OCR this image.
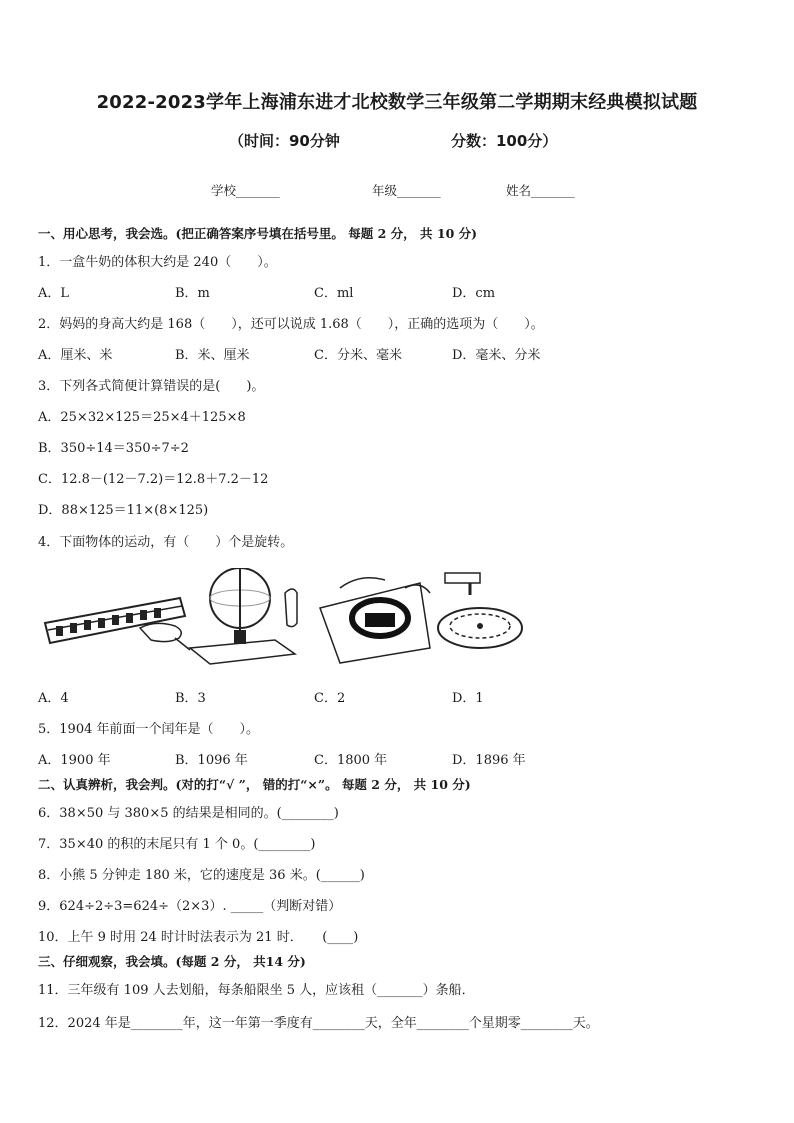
2022-2023学年上海浦东进才北校数学三年级第二学期期末经典模拟试题
（时间：90分钟	分数：100分）
学校_______	年级_______	姓名_______
一、用心思考，我会选。(把正确答案序号填在括号里。 每题 2 分， 共 10 分)
1．一盒牛奶的体积大约是 240（　　）。
A．L	B．m	C．ml	D．cm
2．妈妈的身高大约是 168（　　），还可以说成 1.68（　　），正确的选项为（　　）。
A．厘米、米	B．米、厘米	C．分米、毫米	D．毫米、分米
3．下列各式简便计算错误的是(　　)。
A．25×32×125＝25×4＋125×8
B．350÷14＝350÷7÷2
C．12.8－(12－7.2)＝12.8＋7.2－12
D．88×125＝11×(8×125)
4．下面物体的运动，有（　　）个是旋转。
A．4	B．3	C．2	D．1
5．1904 年前面一个闰年是（　　）。
A．1900 年	B．1096 年	C．1800 年	D．1896 年
二、认真辨析，我会判。(对的打“√ ”， 错的打“×”。 每题 2 分， 共 10 分)
6．38×50 与 380×5 的结果是相同的。(________)
7．35×40 的积的末尾只有 1 个 0。(________)
8．小熊 5 分钟走 180 米，它的速度是 36 米。(______)
9．624÷2÷3=624÷（2×3）. _____（判断对错）
10．上午 9 时用 24 时计时法表示为 21 时．　　(____)
三、仔细观察，我会填。(每题 2 分， 共14 分)
11．三年级有 109 人去划船，每条船限坐 5 人，应该租（_______）条船．
12．2024 年是________年，这一年第一季度有________天，全年________个星期零________天。
